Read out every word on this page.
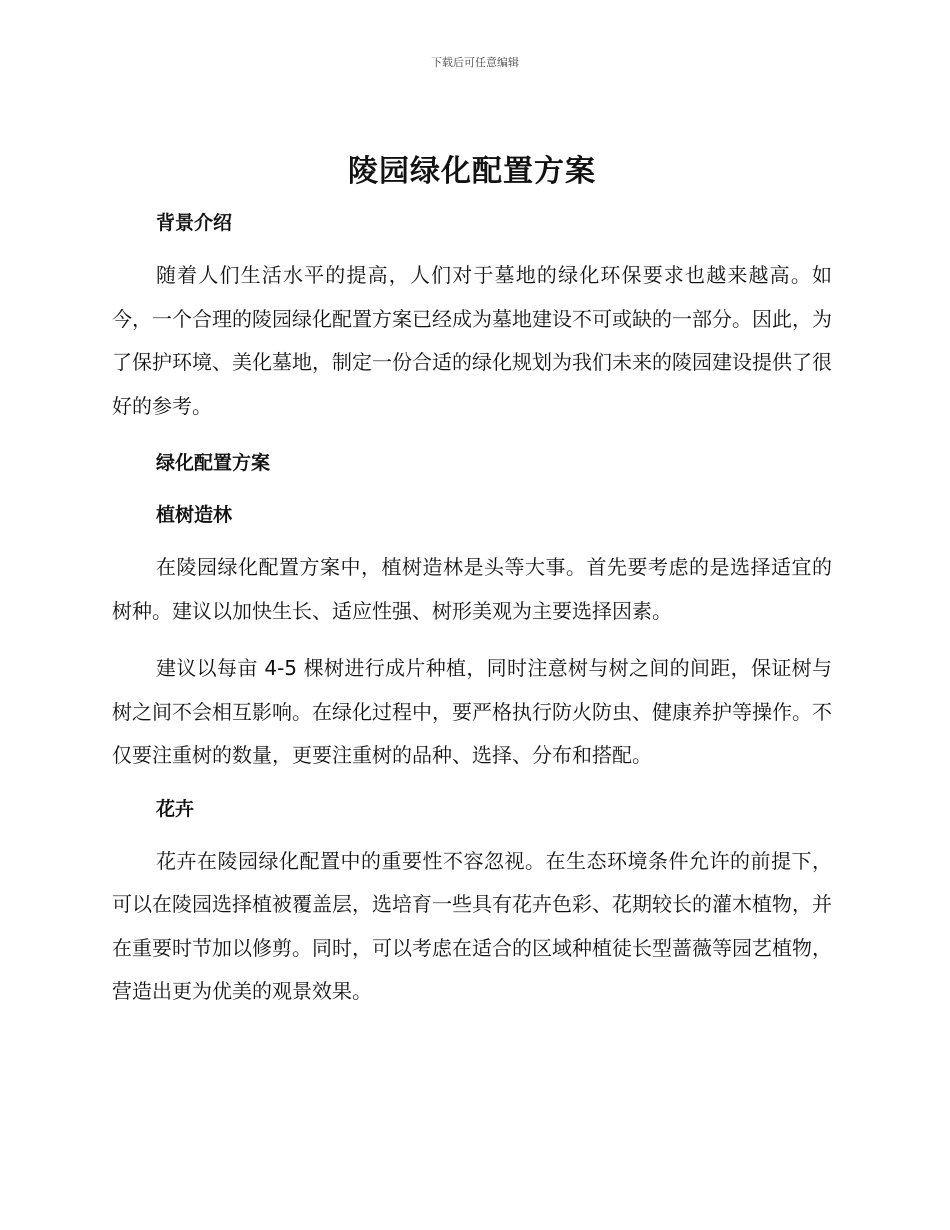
下载后可任意编辑
陵园绿化配置方案
背景介绍

随着人们生活水平的提高，人们对于墓地的绿化环保要求也越来越高。如今，一个合理的陵园绿化配置方案已经成为墓地建设不可或缺的一部分。因此，为了保护环境、美化墓地，制定一份合适的绿化规划为我们未来的陵园建设提供了很好的参考。

绿化配置方案
植树造林

在陵园绿化配置方案中，植树造林是头等大事。首先要考虑的是选择适宜的树种。建议以加快生长、适应性强、树形美观为主要选择因素。

建议以每亩 4-5 棵树进行成片种植，同时注意树与树之间的间距，保证树与树之间不会相互影响。在绿化过程中，要严格执行防火防虫、健康养护等操作。不仅要注重树的数量，更要注重树的品种、选择、分布和搭配。

花卉

花卉在陵园绿化配置中的重要性不容忽视。在生态环境条件允许的前提下，可以在陵园选择植被覆盖层，选培育一些具有花卉色彩、花期较长的灌木植物，并在重要时节加以修剪。同时，可以考虑在适合的区域种植徒长型蔷薇等园艺植物，营造出更为优美的观景效果。
